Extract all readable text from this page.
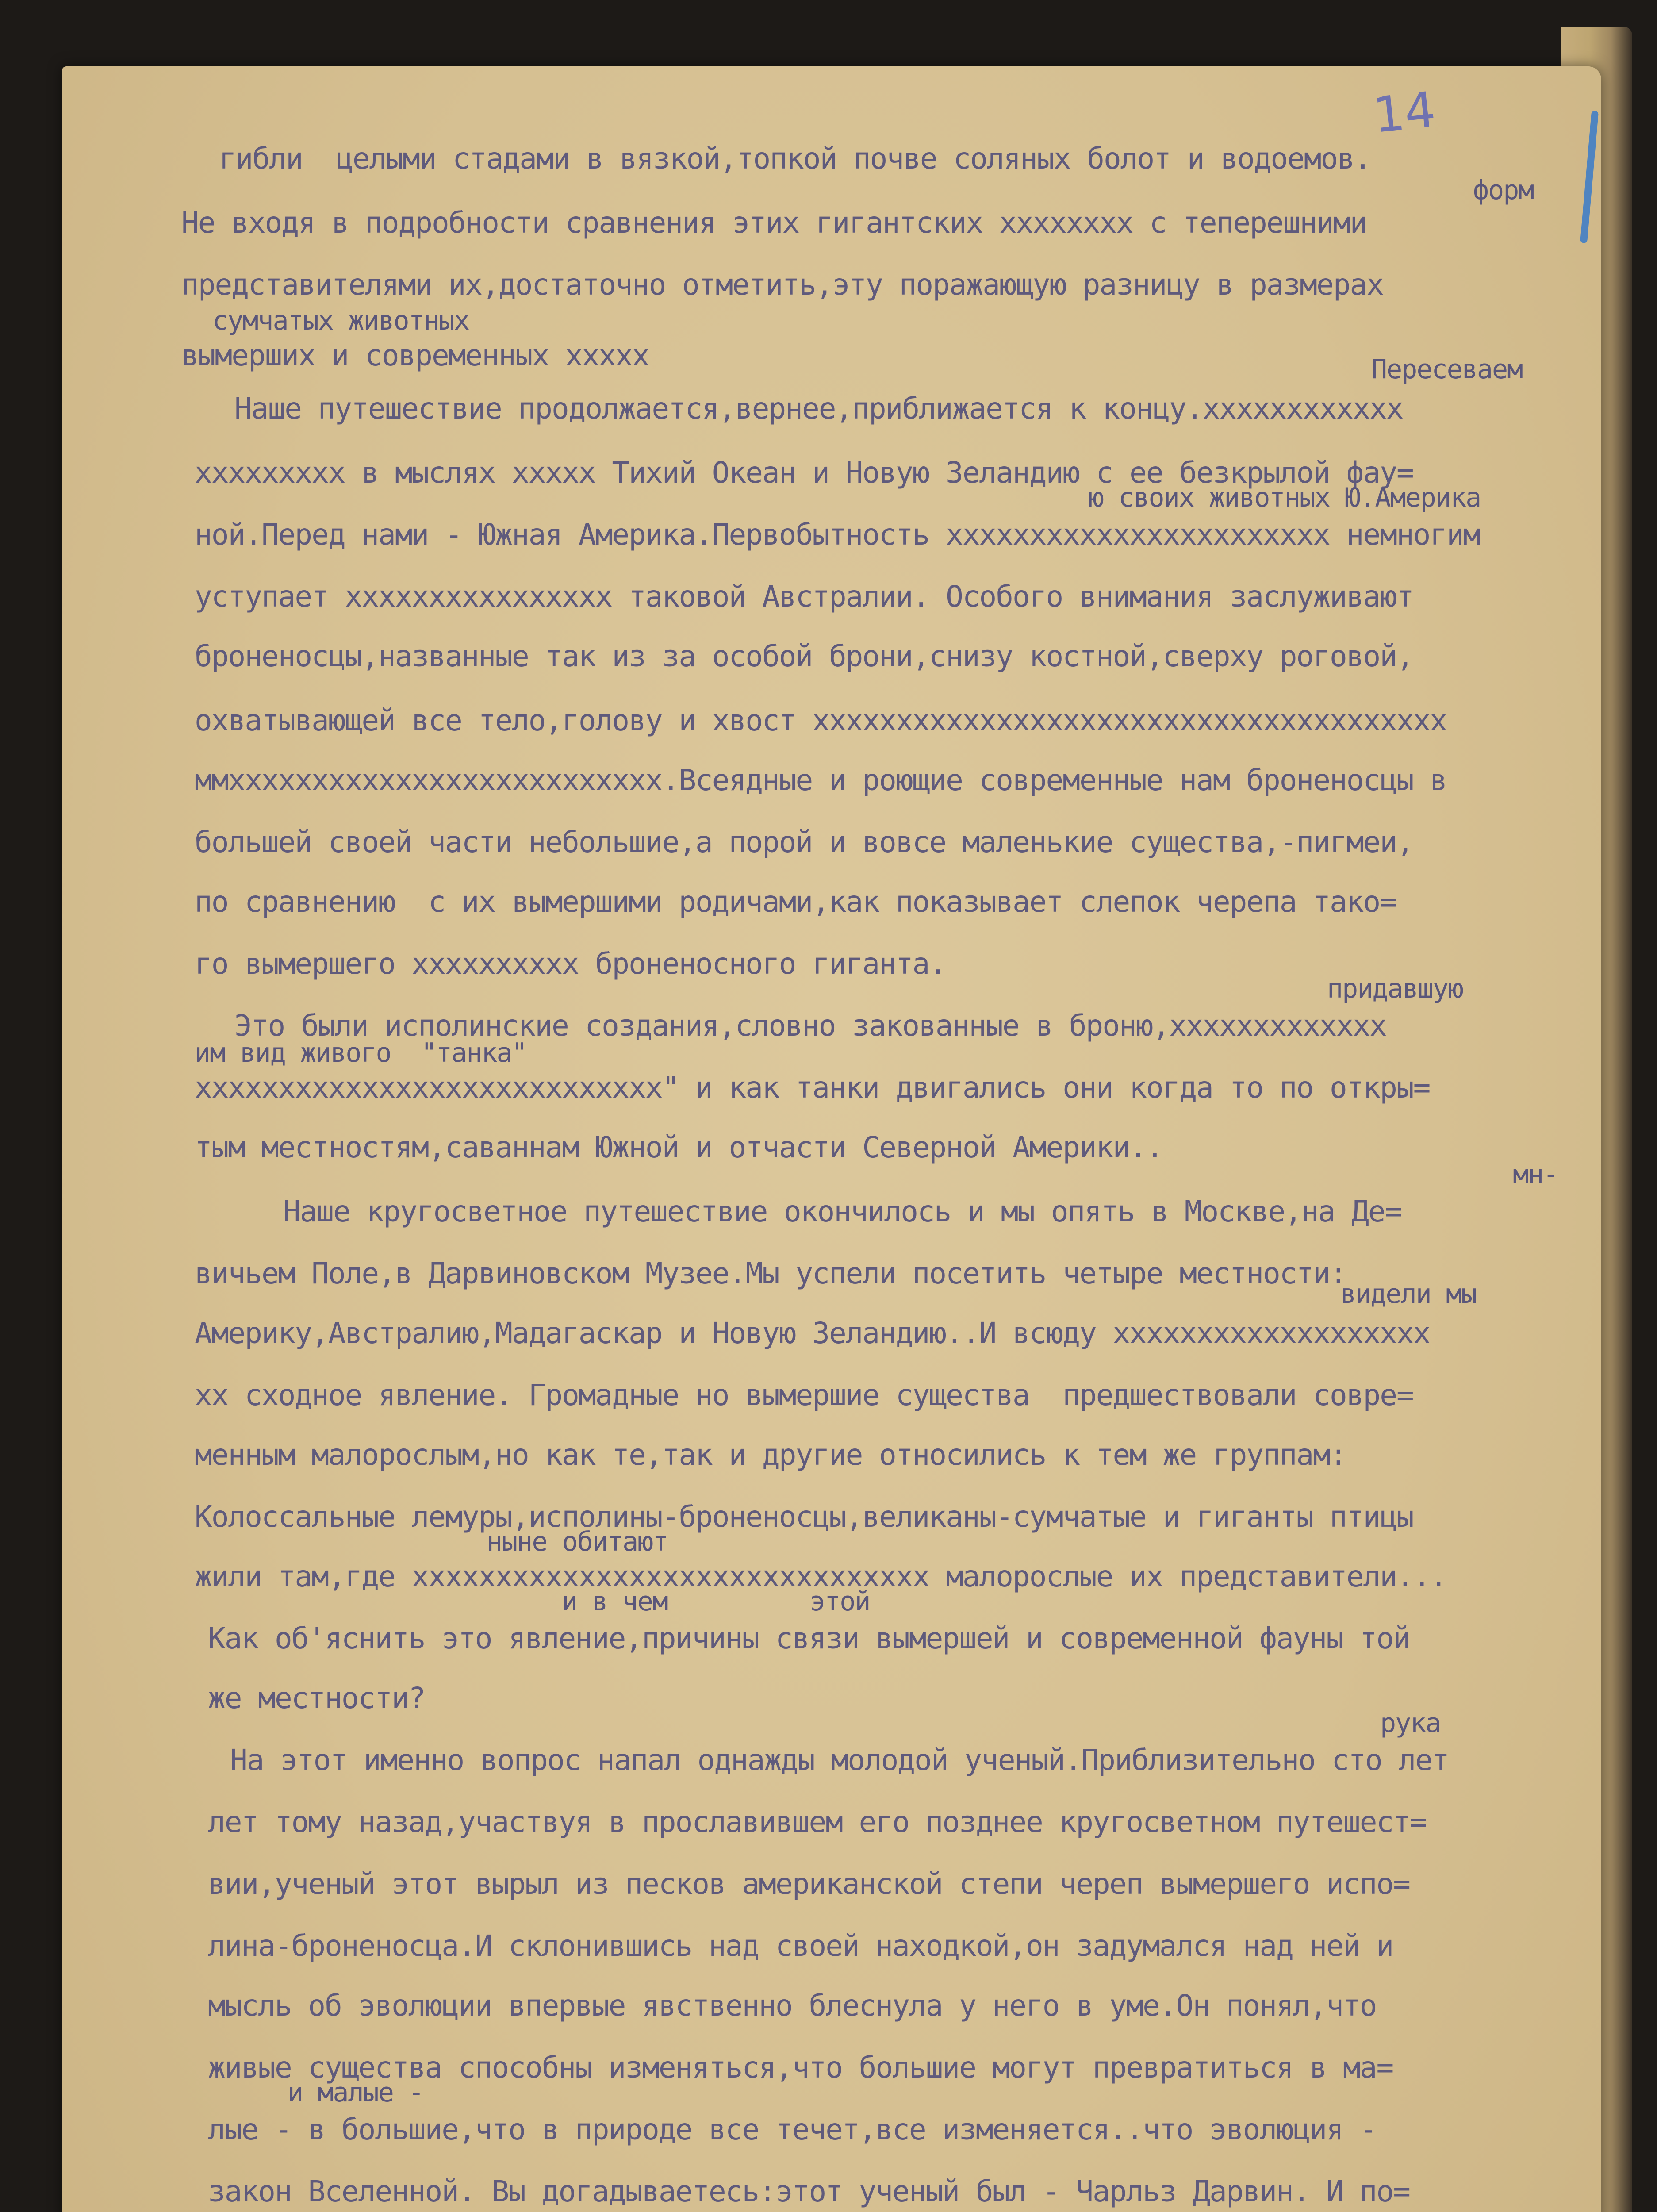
14
гибли  целыми стадами в вязкой,топкой почве соляных болот и водоемов.
Не входя в подробности сравнения этих гигантских хххххххх с теперешними
представителями их,достаточно отметить,эту поражающую разницу в размерах
вымерших и современных ххххх
Наше путешествие продолжается,вернее,приближается к концу.хххххххххххх
ххххххххх в мыслях ххххх Тихий Океан и Новую Зеландию с ее безкрылой фау=
ной.Перед нами - Южная Америка.Первобытность ххххххххххххххххххххххх немногим
уступает хххххххххххххххх таковой Австралии. Особого внимания заслуживают
броненосцы,названные так из за особой брони,снизу костной,сверху роговой,
охватывающей все тело,голову и хвост хххххххххххххххххххххххххххххххххххххх
ммхххххххххххххххххххххххххх.Всеядные и роющие современные нам броненосцы в
большей своей части небольшие,а порой и вовсе маленькие существа,-пигмеи,
по сравнению  с их вымершими родичами,как показывает слепок черепа тако=
го вымершего хххххххххх броненосного гиганта.
Это были исполинские создания,словно закованные в броню,ххххххххххххх
хххххххххххххххххххххххххххх" и как танки двигались они когда то по откры=
тым местностям,саваннам Южной и отчасти Северной Америки..
Наше кругосветное путешествие окончилось и мы опять в Москве,на Де=
вичьем Поле,в Дарвиновском Музее.Мы успели посетить четыре местности:
Америку,Австралию,Мадагаскар и Новую Зеландию..И всюду ххххххххххххххххххх
хх сходное явление. Громадные но вымершие существа  предшествовали совре=
менным малорослым,но как те,так и другие относились к тем же группам:
Колоссальные лемуры,исполины-броненосцы,великаны-сумчатые и гиганты птицы
жили там,где ххххххххххххххххххххххххххххххх малорослые их представители...
Как об'яснить это явление,причины связи вымершей и современной фауны той
же местности?
На этот именно вопрос напал однажды молодой ученый.Приблизительно сто лет
лет тому назад,участвуя в прославившем его позднее кругосветном путешест=
вии,ученый этот вырыл из песков американской степи череп вымершего испо=
лина-броненосца.И склонившись над своей находкой,он задумался над ней и
мысль об эволюции впервые явственно блеснула у него в уме.Он понял,что
живые существа способны изменяться,что большие могут превратиться в ма=
лые - в большие,что в природе все течет,все изменяется..что эволюция -
закон Вселенной. Вы догадываетесь:этот ученый был - Чарльз Дарвин. И по=
форм
сумчатых животных
Пересеваем
ю своих животных Ю.Америка
придавшую
им вид живого  "танка"
мн-
видели мы
ныне обитают
и в чем	этой
рука
и малые -
